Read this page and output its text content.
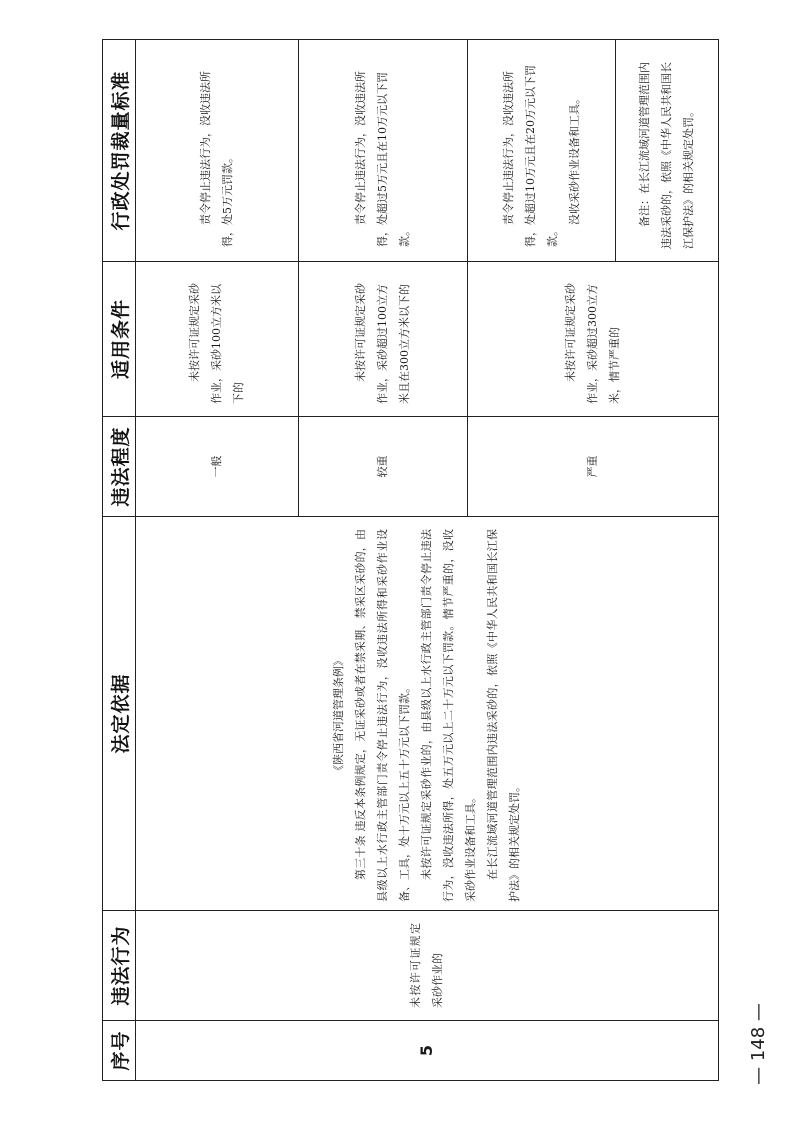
序号	违法行为	法定依据	违法程度	适用条件	行政处罚裁量标准
5	未按许可证规定采砂作业的	《陕西省河道管理条例》 第三十条 违反本条例规定，无证采砂或者在禁采期、禁采区采砂的，由县级以上水行政主管部门责令停止违法行为，没收违法所得和采砂作业设备、工具，处十万元以上五十万元以下罚款。 未按许可证规定采砂作业的，由县级以上水行政主管部门责令停止违法行为，没收违法所得，处五万元以上二十万元以下罚款。情节严重的，没收采砂作业设备和工具。 在长江流域河道管理范围内违法采砂的，依照《中华人民共和国长江保护法》的相关规定处罚。	一般	未按许可证规定采砂作业，采砂100立方米以下的	责令停止违法行为，没收违法所得，处5万元罚款。

			较重	未按许可证规定采砂作业，采砂超过100立方米且在300立方米以下的	责令停止违法行为，没收违法所得，处超过5万元且在10万元以下罚款。

			严重	未按许可证规定采砂作业，采砂超过300立方米，情节严重的	责令停止违法行为，没收违法所得，处超过10万元且在20万元以下罚款。

没收采砂作业设备和工具。

					备注：在长江流域河道管理范围内违法采砂的，依照《中华人民共和国长江保护法》的相关规定处罚。

— 148 —
